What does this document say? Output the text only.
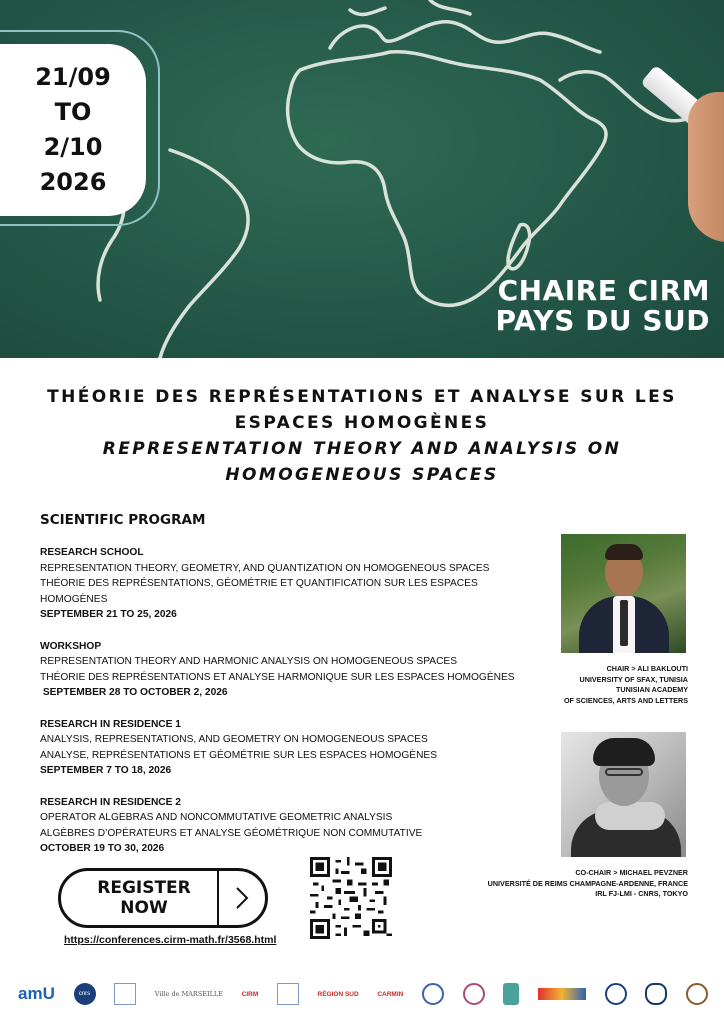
21/09
TO
2/10
2026
CHAIRE CIRM
PAYS DU SUD
THÉORIE DES REPRÉSENTATIONS ET ANALYSE SUR LES ESPACES HOMOGÈNES
REPRESENTATION THEORY AND ANALYSIS ON HOMOGENEOUS SPACES
SCIENTIFIC PROGRAM
RESEARCH SCHOOL
REPRESENTATION THEORY, GEOMETRY, AND QUANTIZATION ON HOMOGENEOUS SPACES
THÉORIE DES REPRÉSENTATIONS, GÉOMÉTRIE ET QUANTIFICATION SUR LES ESPACES HOMOGÈNES
SEPTEMBER 21 TO 25, 2026
WORKSHOP
REPRESENTATION THEORY AND HARMONIC ANALYSIS ON HOMOGENEOUS SPACES
THÉORIE DES REPRÉSENTATIONS ET ANALYSE HARMONIQUE SUR LES ESPACES HOMOGÈNES
SEPTEMBER 28 TO OCTOBER 2, 2026
RESEARCH IN RESIDENCE 1
ANALYSIS, REPRESENTATIONS, AND GEOMETRY ON HOMOGENEOUS SPACES
ANALYSE, REPRÉSENTATIONS ET GÉOMÉTRIE SUR LES ESPACES HOMOGÈNES
SEPTEMBER 7 TO 18, 2026
RESEARCH IN RESIDENCE 2
OPERATOR ALGEBRAS AND NONCOMMUTATIVE GEOMETRIC ANALYSIS
ALGÈBRES D’OPÉRATEURS ET ANALYSE GÉOMÉTRIQUE NON COMMUTATIVE
OCTOBER 19 TO 30, 2026
CHAIR > ALI BAKLOUTI
UNIVERSITY OF SFAX, TUNISIA
TUNISIAN ACADEMY
OF SCIENCES, ARTS AND LETTERS
CO-CHAIR > MICHAEL PEVZNER
UNIVERSITÉ DE REIMS CHAMPAGNE-ARDENNE, FRANCE
IRL FJ-LMI - CNRS, TOKYO
REGISTER NOW
https://conferences.cirm-math.fr/3568.html
amU	cnrs	Ville de MARSEILLE	CIRM	RÉGION SUD	CARMIN
